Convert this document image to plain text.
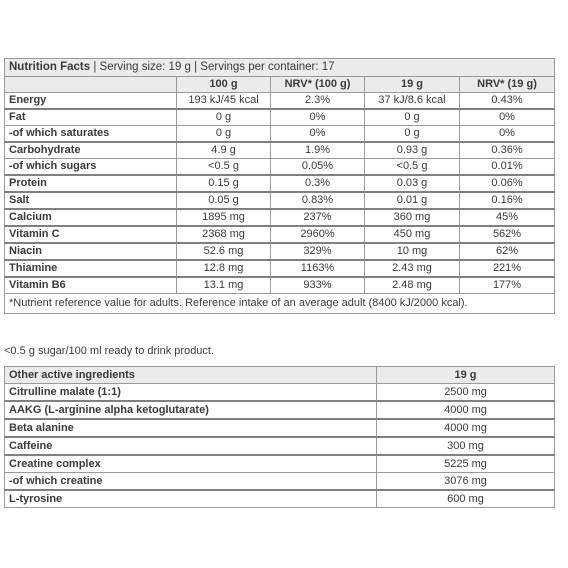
Nutrition Facts | Serving size: 19 g | Servings per container: 17				
	100 g	NRV* (100 g)	19 g	NRV* (19 g)
Energy	193 kJ/45 kcal	2.3%	37 kJ/8.6 kcal	0.43%
Fat	0 g	0%	0 g	0%
-of which saturates	0 g	0%	0 g	0%
Carbohydrate	4.9 g	1.9%	0.93 g	0.36%
-of which sugars	<0.5 g	0.05%	<0.5 g	0.01%
Protein	0.15 g	0.3%	0.03 g	0.06%
Salt	0.05 g	0.83%	0.01 g	0.16%
Calcium	1895 mg	237%	360 mg	45%
Vitamin C	2368 mg	2960%	450 mg	562%
Niacin	52.6 mg	329%	10 mg	62%
Thiamine	12.8 mg	1163%	2.43 mg	221%
Vitamin B6	13.1 mg	933%	2.48 mg	177%
*Nutrient reference value for adults. Reference intake of an average adult (8400 kJ/2000 kcal).				
<0.5 g sugar/100 ml ready to drink product.
Other active ingredients	19 g
Citrulline malate (1:1)	2500 mg
AAKG (L-arginine alpha ketoglutarate)	4000 mg
Beta alanine	4000 mg
Caffeine	300 mg
Creatine complex	5225 mg
-of which creatine	3076 mg
L-tyrosine	600 mg
